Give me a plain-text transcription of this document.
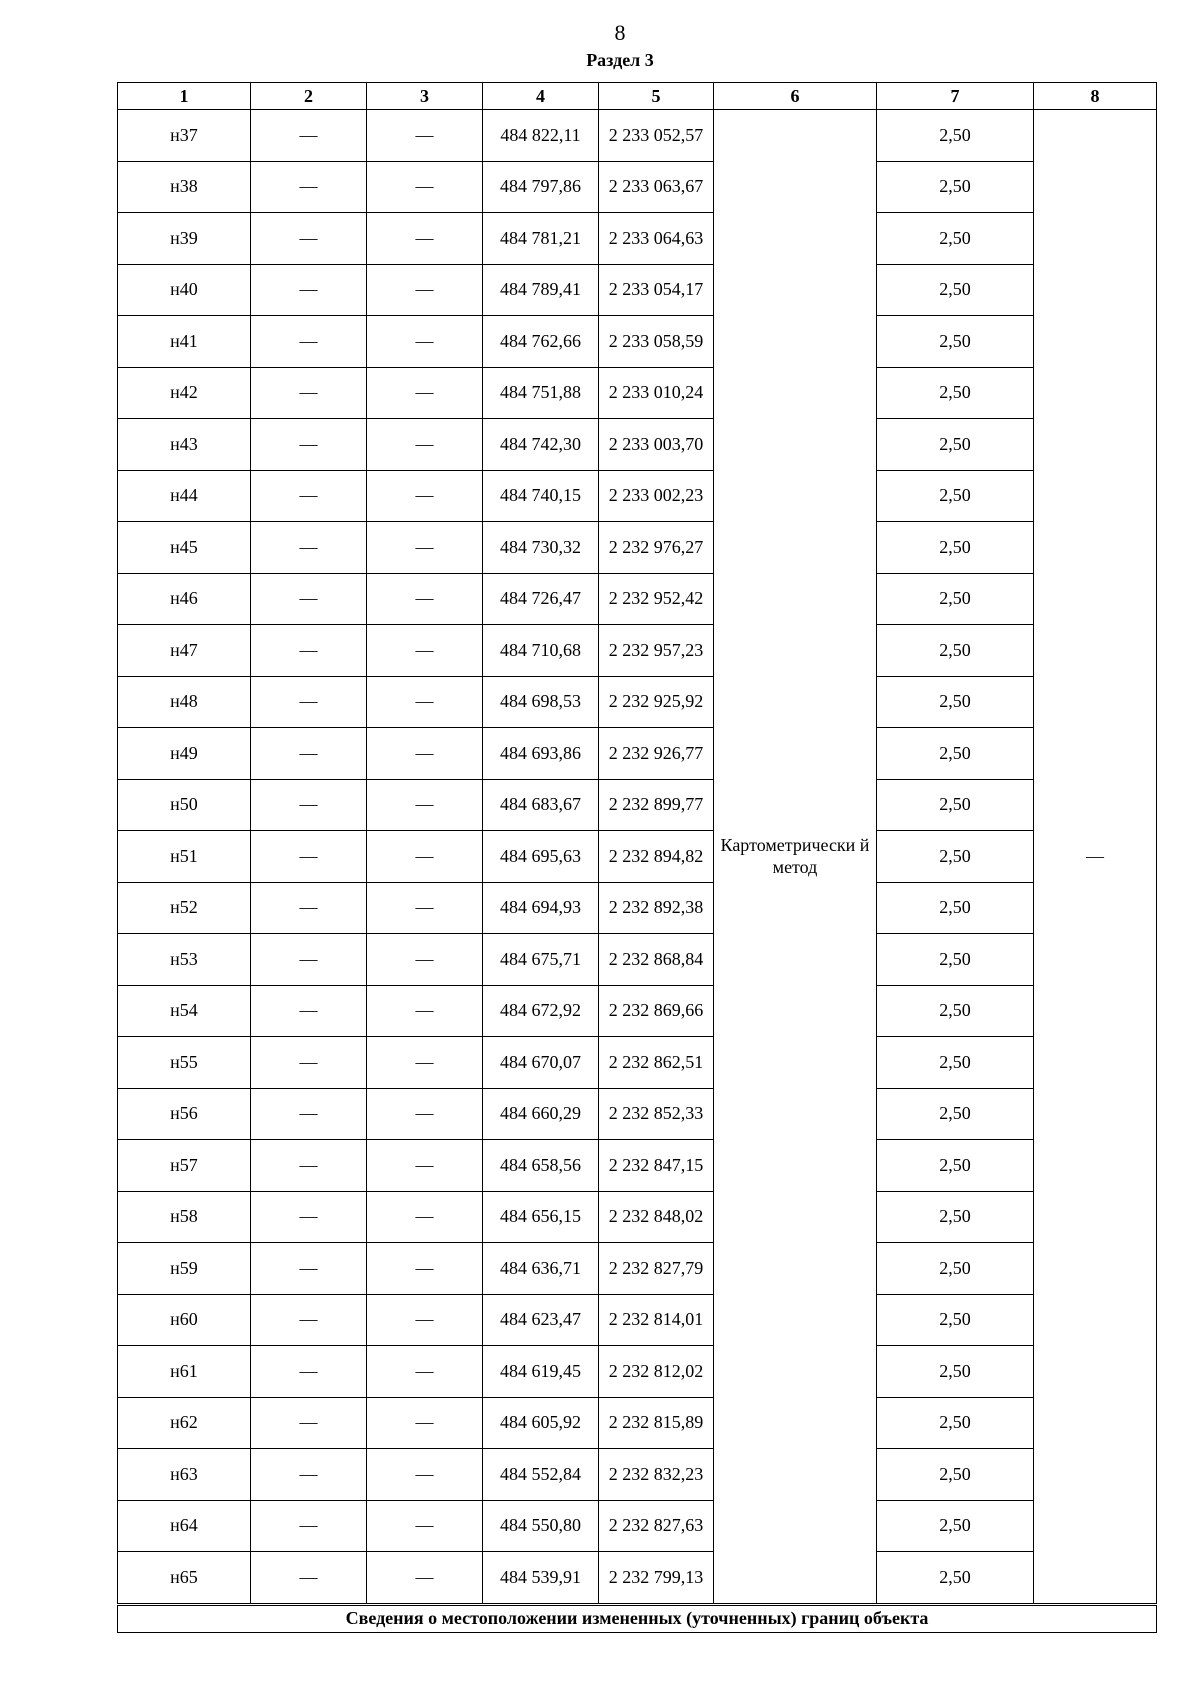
8
Раздел 3
1	2	3	4	5	6	7	8
н37	—	—	484 822,11	2 233 052,57	Картометрически й метод	2,50	—
н38	—	—	484 797,86	2 233 063,67		2,50	
н39	—	—	484 781,21	2 233 064,63		2,50	
н40	—	—	484 789,41	2 233 054,17		2,50	
н41	—	—	484 762,66	2 233 058,59		2,50	
н42	—	—	484 751,88	2 233 010,24		2,50	
н43	—	—	484 742,30	2 233 003,70		2,50	
н44	—	—	484 740,15	2 233 002,23		2,50	
н45	—	—	484 730,32	2 232 976,27		2,50	
н46	—	—	484 726,47	2 232 952,42		2,50	
н47	—	—	484 710,68	2 232 957,23		2,50	
н48	—	—	484 698,53	2 232 925,92		2,50	
н49	—	—	484 693,86	2 232 926,77		2,50	
н50	—	—	484 683,67	2 232 899,77		2,50	
н51	—	—	484 695,63	2 232 894,82		2,50	
н52	—	—	484 694,93	2 232 892,38		2,50	
н53	—	—	484 675,71	2 232 868,84		2,50	
н54	—	—	484 672,92	2 232 869,66		2,50	
н55	—	—	484 670,07	2 232 862,51		2,50	
н56	—	—	484 660,29	2 232 852,33		2,50	
н57	—	—	484 658,56	2 232 847,15		2,50	
н58	—	—	484 656,15	2 232 848,02		2,50	
н59	—	—	484 636,71	2 232 827,79		2,50	
н60	—	—	484 623,47	2 232 814,01		2,50	
н61	—	—	484 619,45	2 232 812,02		2,50	
н62	—	—	484 605,92	2 232 815,89		2,50	
н63	—	—	484 552,84	2 232 832,23		2,50	
н64	—	—	484 550,80	2 232 827,63		2,50	
н65	—	—	484 539,91	2 232 799,13		2,50	
Сведения о местоположении измененных (уточненных) границ объекта							
